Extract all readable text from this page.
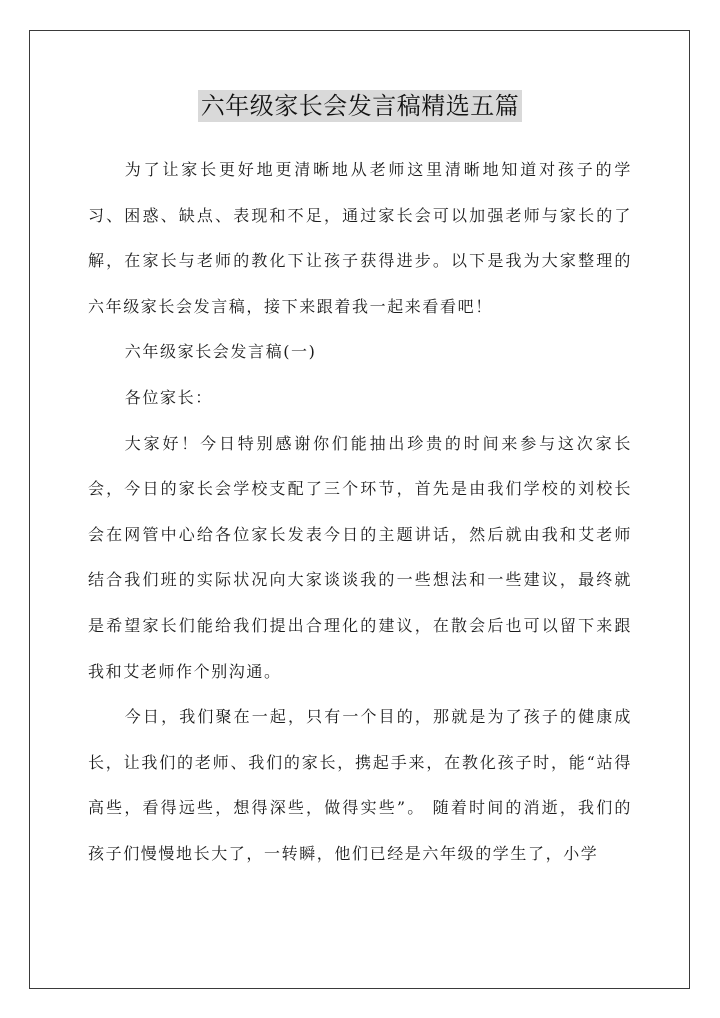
六年级家长会发言稿精选五篇

为了让家长更好地更清晰地从老师这里清晰地知道对孩子的学习、困惑、缺点、表现和不足，通过家长会可以加强老师与家长的了解，在家长与老师的教化下让孩子获得进步。以下是我为大家整理的六年级家长会发言稿，接下来跟着我一起来看看吧！

六年级家长会发言稿(一)

各位家长：

大家好！今日特别感谢你们能抽出珍贵的时间来参与这次家长会，今日的家长会学校支配了三个环节，首先是由我们学校的刘校长会在网管中心给各位家长发表今日的主题讲话，然后就由我和艾老师结合我们班的实际状况向大家谈谈我的一些想法和一些建议，最终就是希望家长们能给我们提出合理化的建议，在散会后也可以留下来跟我和艾老师作个别沟通。

今日，我们聚在一起，只有一个目的，那就是为了孩子的健康成长，让我们的老师、我们的家长，携起手来，在教化孩子时，能“站得高些，看得远些，想得深些，做得实些”。 随着时间的消逝，我们的孩子们慢慢地长大了，一转瞬，他们已经是六年级的学生了，小学
